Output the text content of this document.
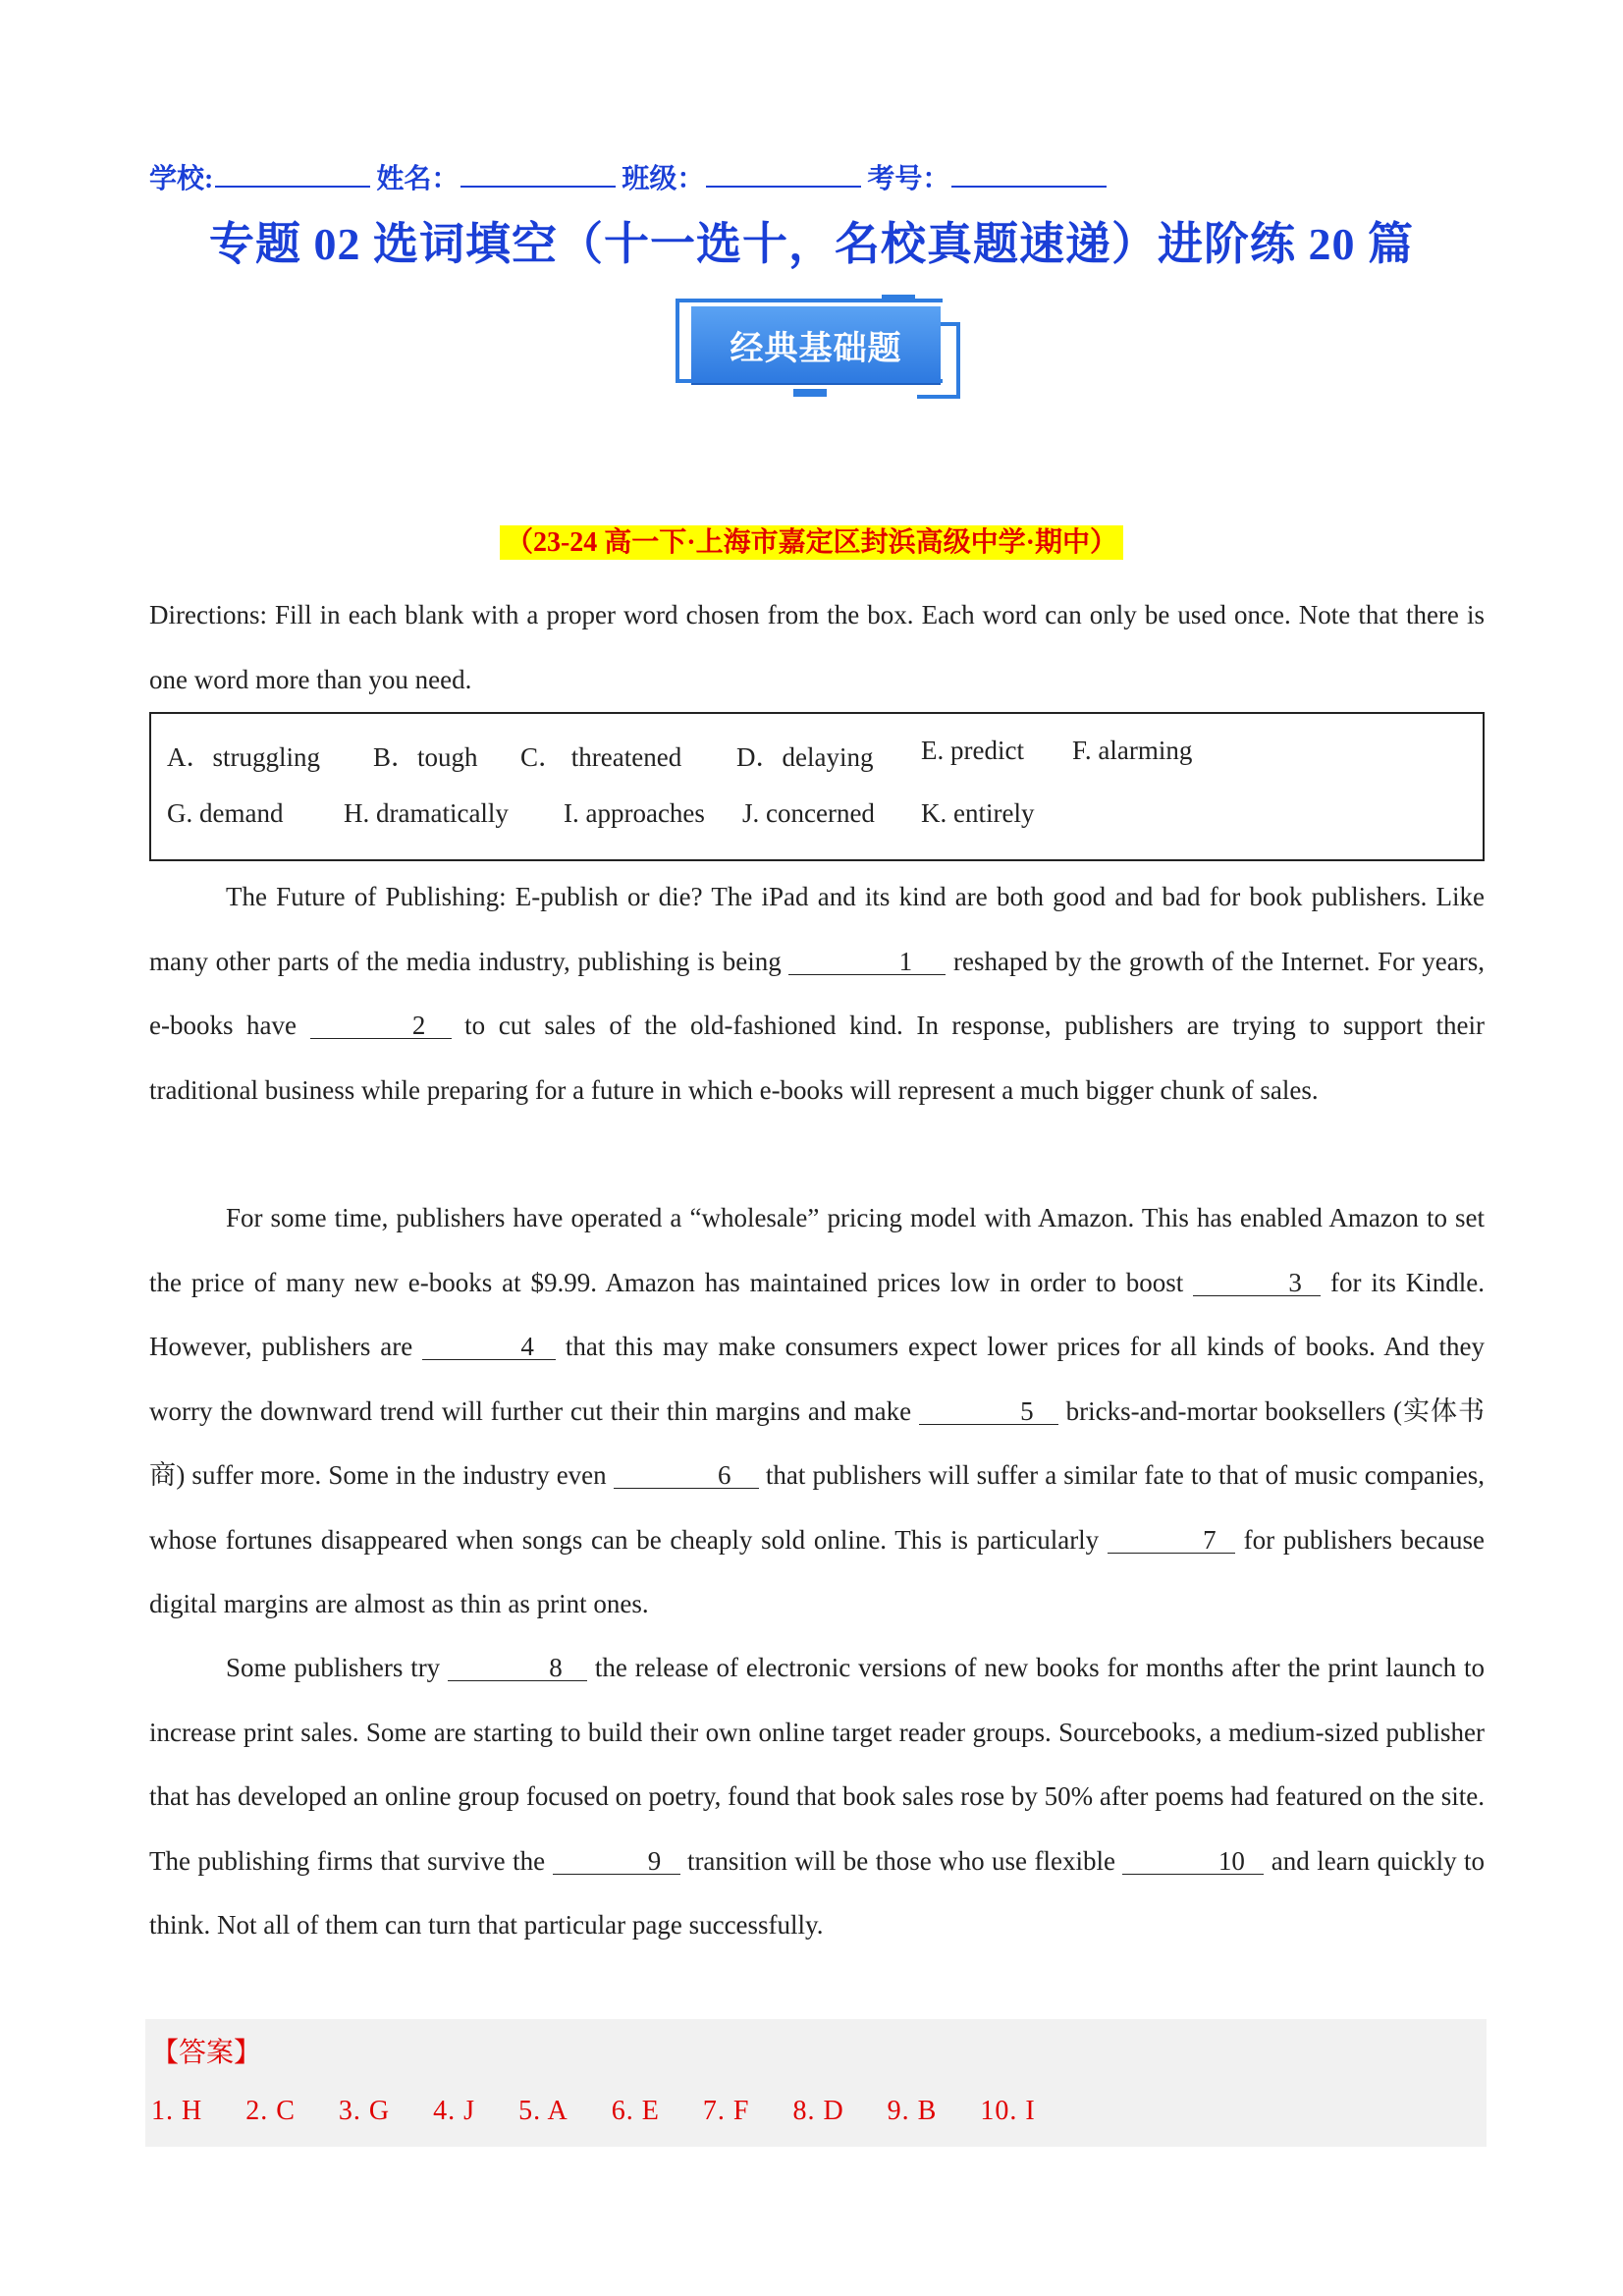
学校:	姓名：	班级：	考号：
专题 02 选词填空（十一选十，名校真题速递）进阶练 20 篇
经典基础题
（23-24 高一下·上海市嘉定区封浜高级中学·期中）
Directions: Fill in each blank with a proper word chosen from the box. Each word can only be used once. Note that there is one word more than you need.
A．struggling B．tough C． threatened D．delaying E. predict F. alarming
G. demand H. dramatically I. approaches J. concerned K. entirely
The Future of Publishing: E-publish or die? The iPad and its kind are both good and bad for book publishers. Like many other parts of the media industry, publishing is being	1 reshaped by the growth of the Internet. For years, e-books have	2 to cut sales of the old-fashioned kind. In response, publishers are trying to support their traditional business while preparing for a future in which e-books will represent a much bigger chunk of sales.
For some time, publishers have operated a “wholesale” pricing model with Amazon. This has enabled Amazon to set the price of many new e-books at $9.99. Amazon has maintained prices low in order to boost	3 for its Kindle. However, publishers are	4 that this may make consumers expect lower prices for all kinds of books. And they worry the downward trend will further cut their thin margins and make	5 bricks-and-mortar booksellers (实体书商) suffer more. Some in the industry even	6 that publishers will suffer a similar fate to that of music companies, whose fortunes disappeared when songs can be cheaply sold online. This is particularly	7 for publishers because digital margins are almost as thin as print ones.
Some publishers try	8 the release of electronic versions of new books for months after the print launch to increase print sales. Some are starting to build their own online target reader groups. Sourcebooks, a medium-sized publisher that has developed an online group focused on poetry, found that book sales rose by 50% after poems had featured on the site. The publishing firms that survive the	9 transition will be those who use flexible	10 and learn quickly to think. Not all of them can turn that particular page successfully.
【答案】
1. H 2. C 3. G 4. J 5. A 6. E 7. F 8. D 9. B 10. I
